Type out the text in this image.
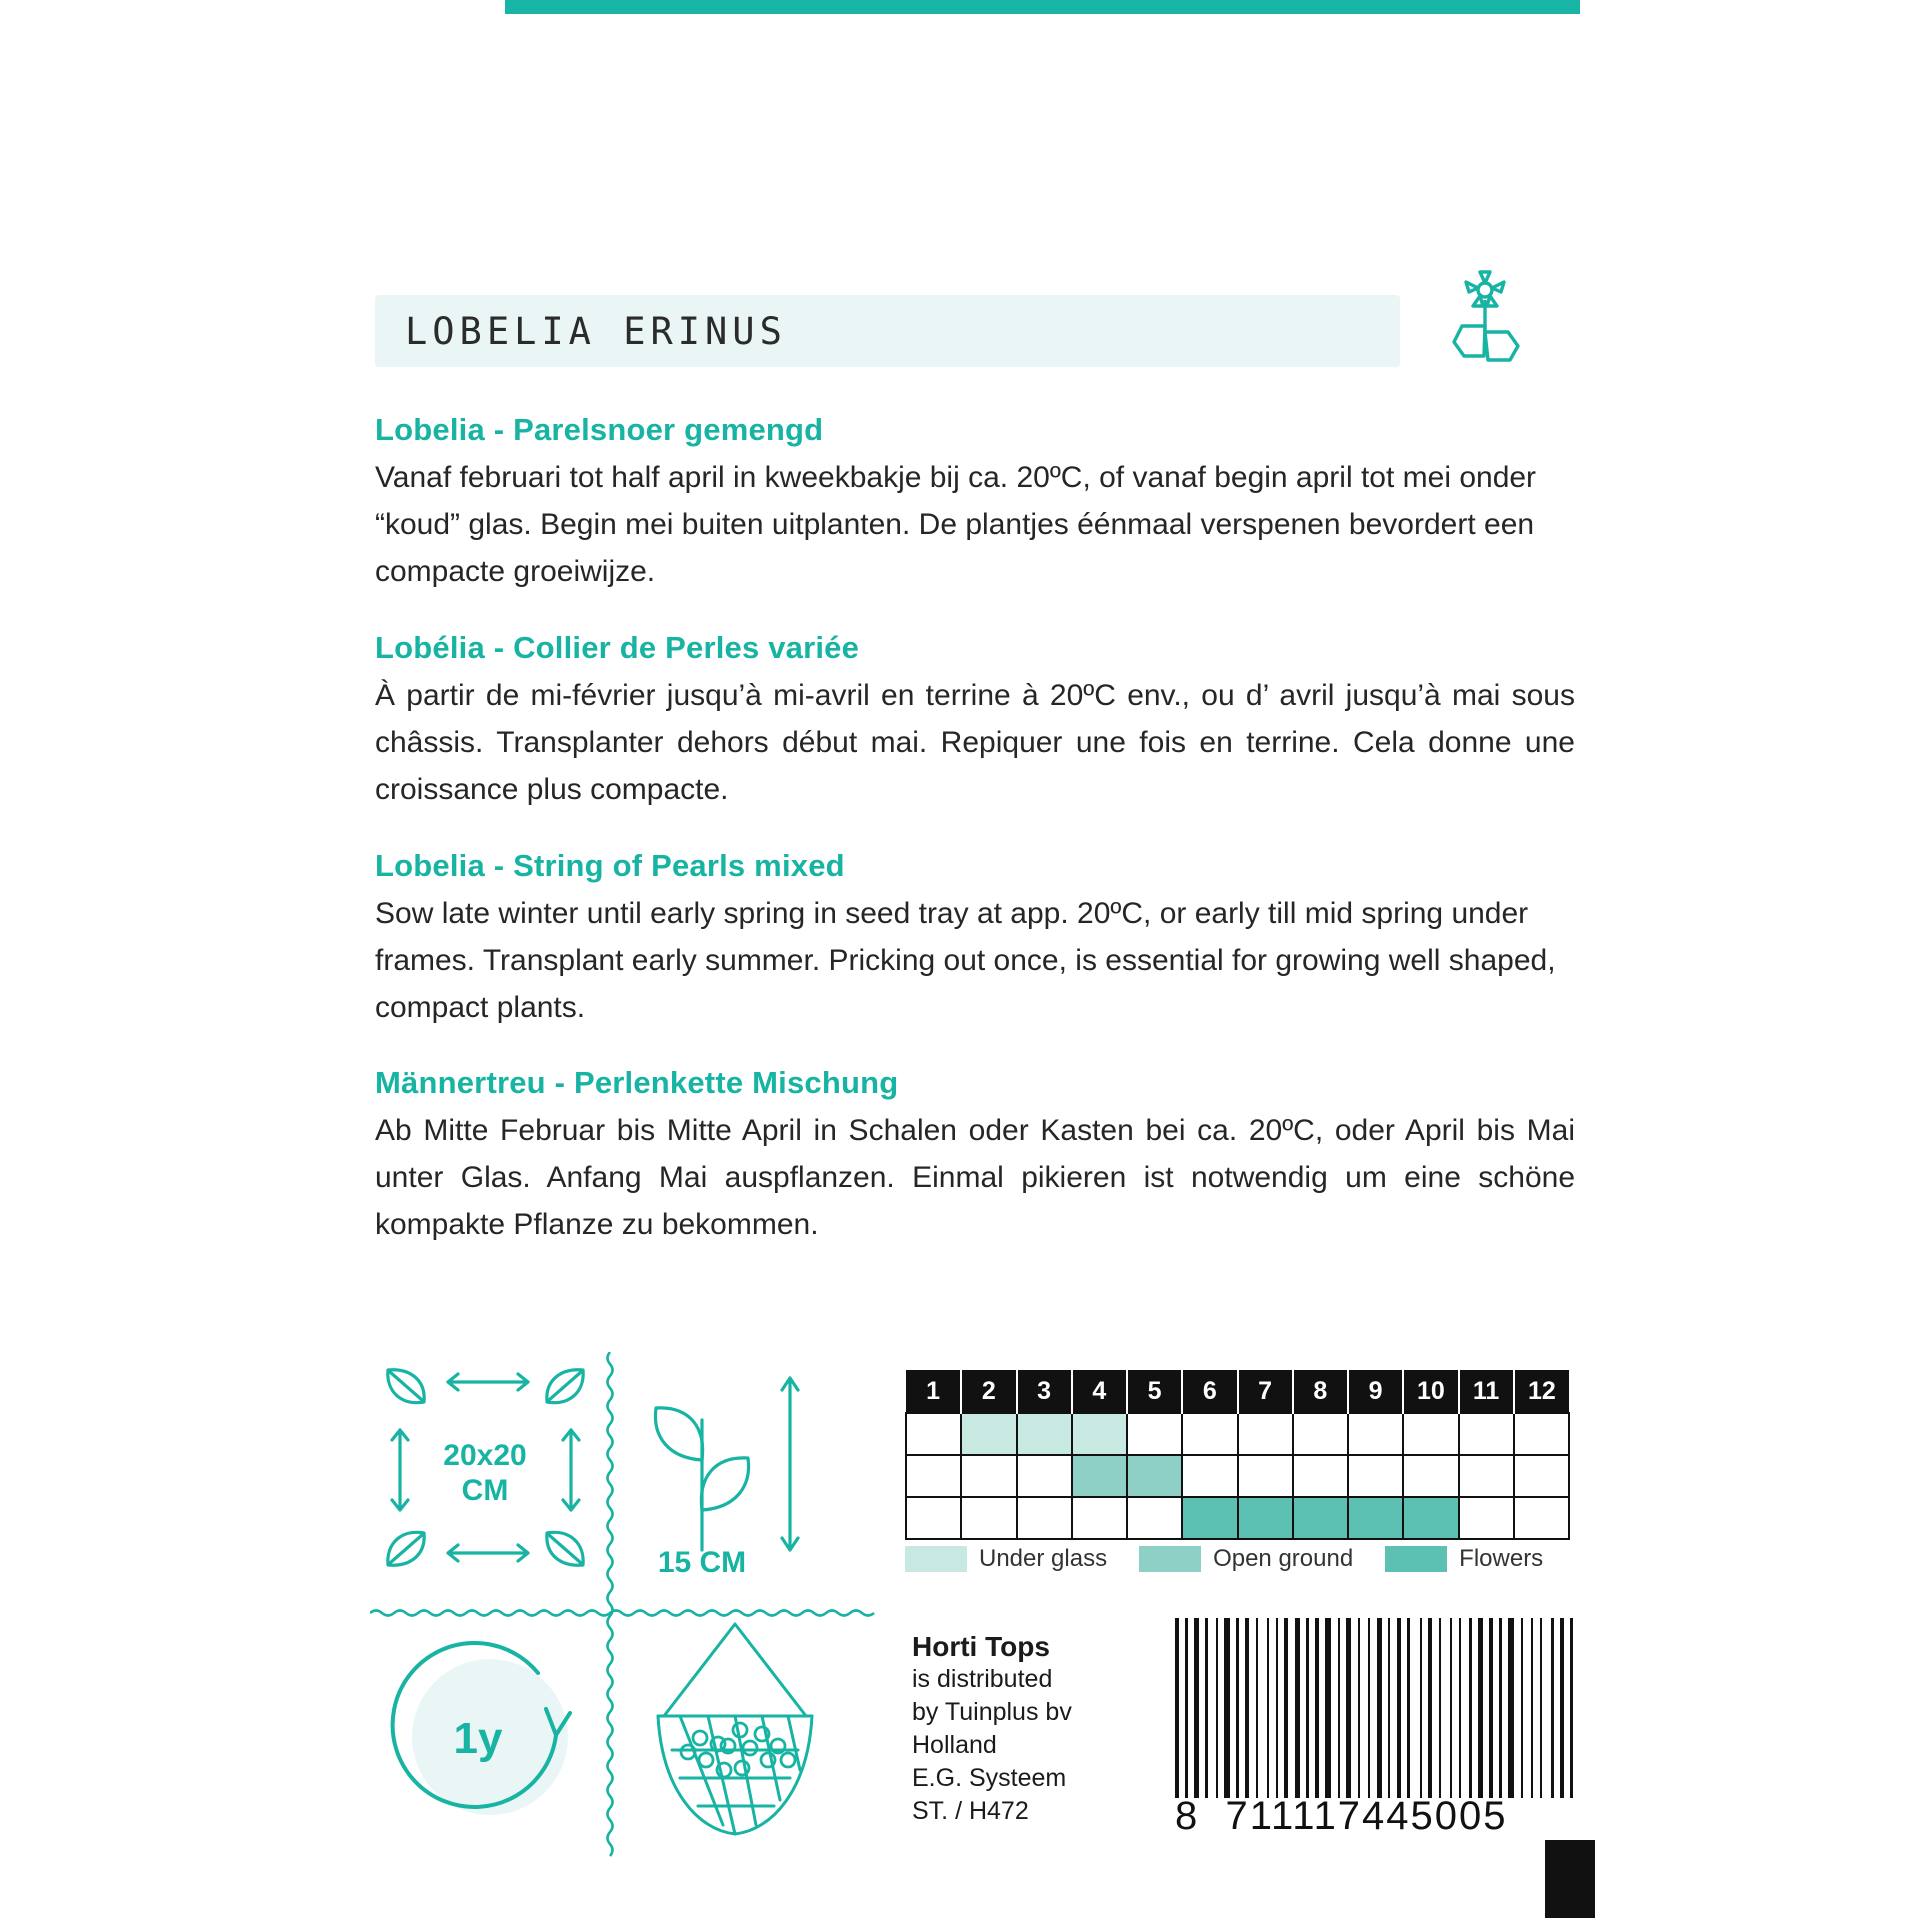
LOBELIA ERINUS
Lobelia - Parelsnoer gemengd

Vanaf februari tot half april in kweekbakje bij ca. 20ºC, of vanaf begin april tot mei onder “koud” glas. Begin mei buiten uitplanten. De plantjes éénmaal verspenen bevordert een compacte groeiwijze.

Lobélia - Collier de Perles variée

À partir de mi-février jusqu’à mi-avril en terrine à 20ºC env., ou d’ avril jusqu’à mai sous châssis. Transplanter dehors début mai. Repiquer une fois en terrine. Cela donne une croissance plus compacte.

Lobelia - String of Pearls mixed

Sow late winter until early spring in seed tray at app. 20ºC, or early till mid spring under frames. Transplant early summer. Pricking out once, is essential for growing well shaped, compact plants.

Männertreu - Perlenkette Mischung

Ab Mitte Februar bis Mitte April in Schalen oder Kasten bei ca. 20ºC, oder April bis Mai unter Glas. Anfang Mai auspflanzen. Einmal pikieren ist notwendig um eine schöne kompakte Pflanze zu bekommen.

20x20
CM
15 CM
1y
1	2	3	4	5	6	7	8	9	10	11	12

Under glass	Open ground	Flowers
Horti Tops
is distributed
by Tuinplus bv
Holland
E.G. Systeem
ST. / H472	8 711117445005
